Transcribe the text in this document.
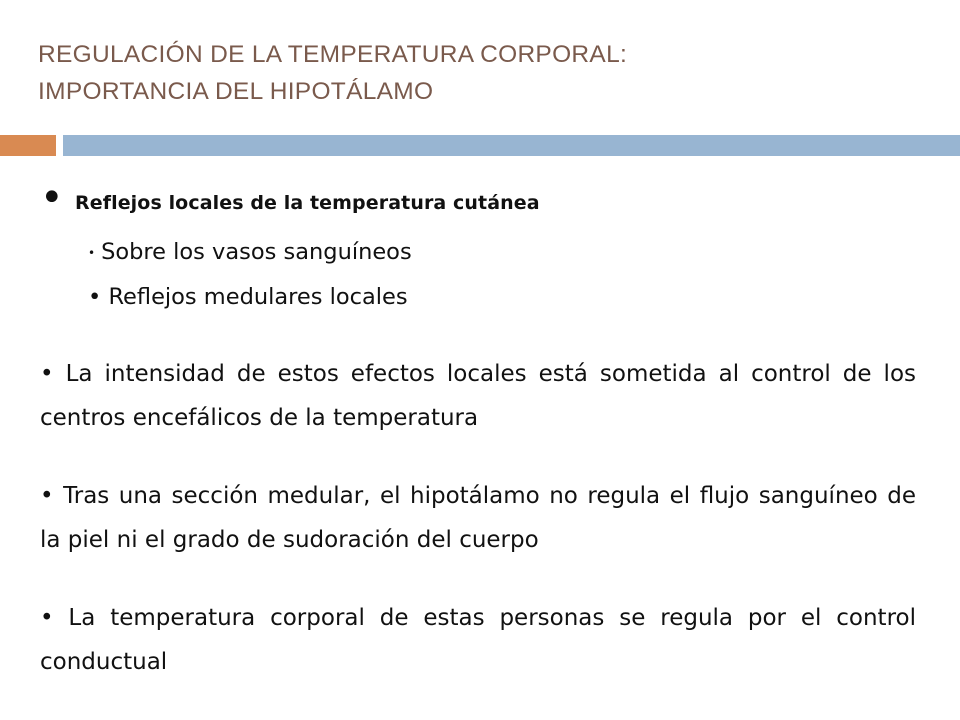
REGULACIÓN DE LA TEMPERATURA CORPORAL:
IMPORTANCIA DEL HIPOTÁLAMO
• Reflejos locales de la temperatura cutánea
• Sobre los vasos sanguíneos
• Reflejos medulares locales
• La intensidad de estos efectos locales está sometida al control de los centros encefálicos de la temperatura
• Tras una sección medular, el hipotálamo no regula el flujo sanguíneo de la piel ni el grado de sudoración del cuerpo
• La temperatura corporal de estas personas se regula por el control conductual
